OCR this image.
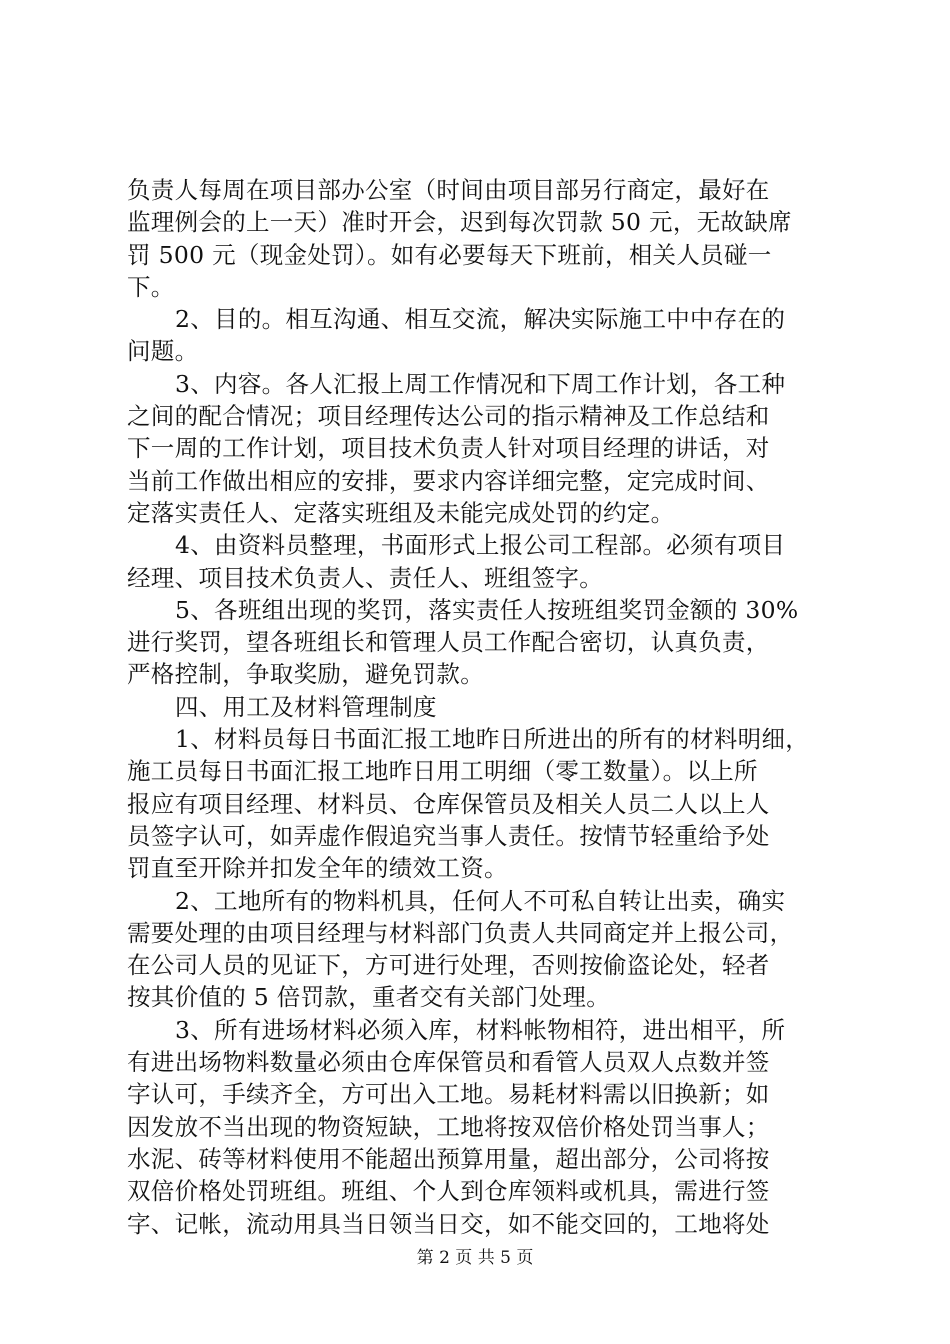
负责人每周在项目部办公室（时间由项目部另行商定，最好在
监理例会的上一天）准时开会，迟到每次罚款 50 元，无故缺席
罚 500 元（现金处罚）。如有必要每天下班前，相关人员碰一
下。
2、目的。相互沟通、相互交流，解决实际施工中中存在的
问题。
3、内容。各人汇报上周工作情况和下周工作计划，各工种
之间的配合情况；项目经理传达公司的指示精神及工作总结和
下一周的工作计划，项目技术负责人针对项目经理的讲话，对
当前工作做出相应的安排，要求内容详细完整，定完成时间、
定落实责任人、定落实班组及未能完成处罚的约定。
4、由资料员整理，书面形式上报公司工程部。必须有项目
经理、项目技术负责人、责任人、班组签字。
5、各班组出现的奖罚，落实责任人按班组奖罚金额的 30%
进行奖罚，望各班组长和管理人员工作配合密切，认真负责，
严格控制，争取奖励，避免罚款。
四、用工及材料管理制度
1、材料员每日书面汇报工地昨日所进出的所有的材料明细，
施工员每日书面汇报工地昨日用工明细（零工数量）。以上所
报应有项目经理、材料员、仓库保管员及相关人员二人以上人
员签字认可，如弄虚作假追究当事人责任。按情节轻重给予处
罚直至开除并扣发全年的绩效工资。
2、工地所有的物料机具，任何人不可私自转让出卖，确实
需要处理的由项目经理与材料部门负责人共同商定并上报公司，
在公司人员的见证下，方可进行处理，否则按偷盗论处，轻者
按其价值的 5 倍罚款，重者交有关部门处理。
3、所有进场材料必须入库，材料帐物相符，进出相平，所
有进出场物料数量必须由仓库保管员和看管人员双人点数并签
字认可，手续齐全，方可出入工地。易耗材料需以旧换新；如
因发放不当出现的物资短缺，工地将按双倍价格处罚当事人；
水泥、砖等材料使用不能超出预算用量，超出部分，公司将按
双倍价格处罚班组。班组、个人到仓库领料或机具，需进行签
字、记帐，流动用具当日领当日交，如不能交回的，工地将处
第 2 页 共 5 页
